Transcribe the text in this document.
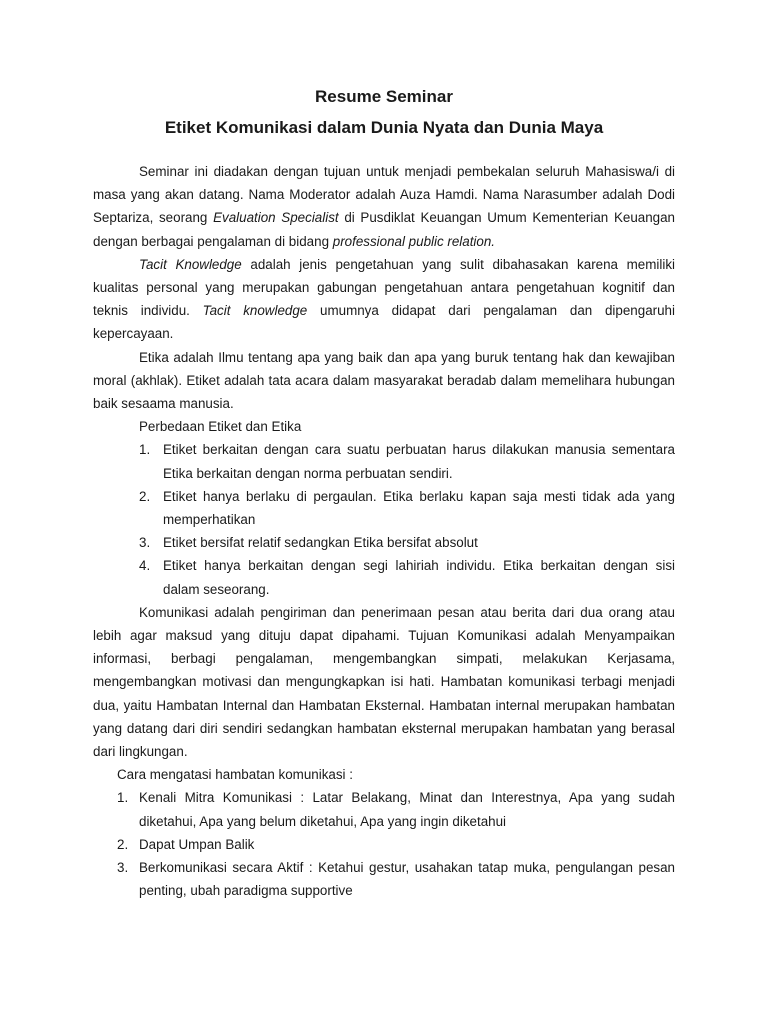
Resume Seminar
Etiket Komunikasi dalam Dunia Nyata dan Dunia Maya

Seminar ini diadakan dengan tujuan untuk menjadi pembekalan seluruh Mahasiswa/i di masa yang akan datang. Nama Moderator adalah Auza Hamdi. Nama Narasumber adalah Dodi Septariza, seorang Evaluation Specialist di Pusdiklat Keuangan Umum Kementerian Keuangan dengan berbagai pengalaman di bidang professional public relation.

Tacit Knowledge adalah jenis pengetahuan yang sulit dibahasakan karena memiliki kualitas personal yang merupakan gabungan pengetahuan antara pengetahuan kognitif dan teknis individu. Tacit knowledge umumnya didapat dari pengalaman dan dipengaruhi kepercayaan.

Etika adalah Ilmu tentang apa yang baik dan apa yang buruk tentang hak dan kewajiban moral (akhlak). Etiket adalah tata acara dalam masyarakat beradab dalam memelihara hubungan baik sesaama manusia.

Perbedaan Etiket dan Etika

1. Etiket berkaitan dengan cara suatu perbuatan harus dilakukan manusia sementara Etika berkaitan dengan norma perbuatan sendiri.
2. Etiket hanya berlaku di pergaulan. Etika berlaku kapan saja mesti tidak ada yang memperhatikan
3. Etiket bersifat relatif sedangkan Etika bersifat absolut
4. Etiket hanya berkaitan dengan segi lahiriah individu. Etika berkaitan dengan sisi dalam seseorang.

Komunikasi adalah pengiriman dan penerimaan pesan atau berita dari dua orang atau lebih agar maksud yang dituju dapat dipahami. Tujuan Komunikasi adalah Menyampaikan informasi, berbagi pengalaman, mengembangkan simpati, melakukan Kerjasama, mengembangkan motivasi dan mengungkapkan isi hati. Hambatan komunikasi terbagi menjadi dua, yaitu Hambatan Internal dan Hambatan Eksternal. Hambatan internal merupakan hambatan yang datang dari diri sendiri sedangkan hambatan eksternal merupakan hambatan yang berasal dari lingkungan.

Cara mengatasi hambatan komunikasi :

1. Kenali Mitra Komunikasi : Latar Belakang, Minat dan Interestnya, Apa yang sudah diketahui, Apa yang belum diketahui, Apa yang ingin diketahui
2. Dapat Umpan Balik
3. Berkomunikasi secara Aktif : Ketahui gestur, usahakan tatap muka, pengulangan pesan penting, ubah paradigma supportive
